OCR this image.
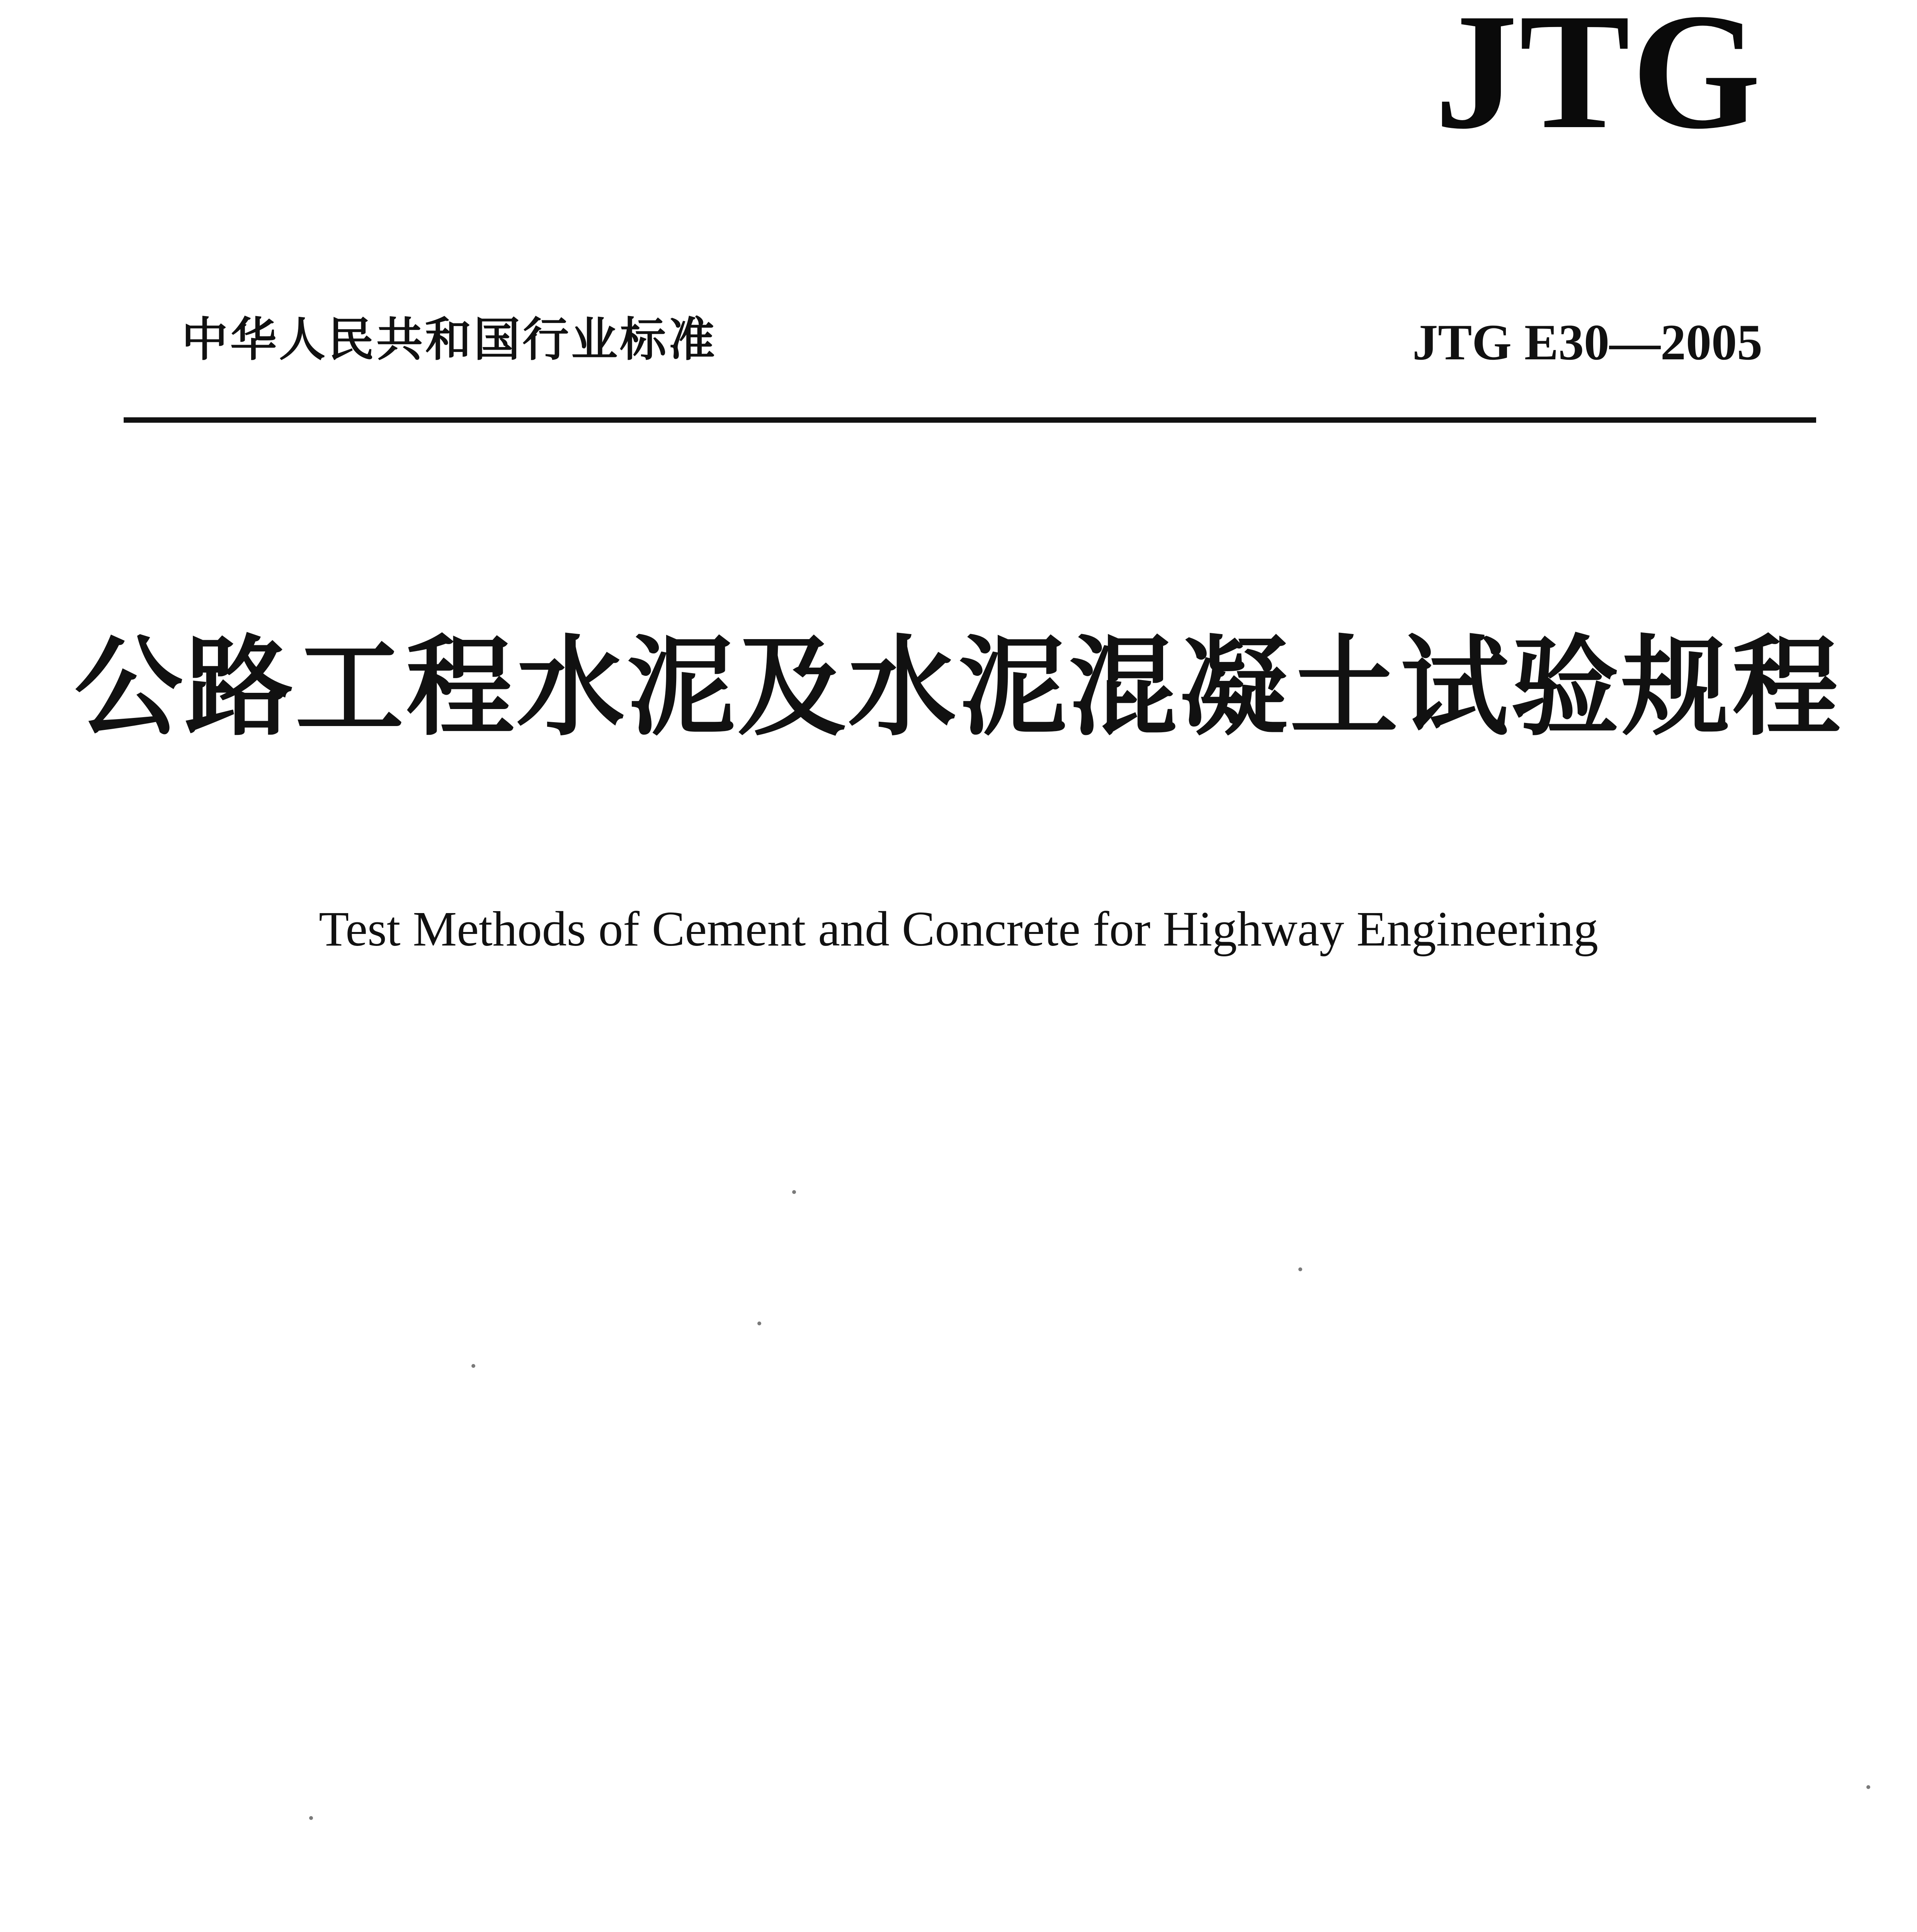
JTG
中华人民共和国行业标准	JTG E30—2005
公路工程水泥及水泥混凝土试验规程
Test Methods of Cement and Concrete for Highway Engineering
